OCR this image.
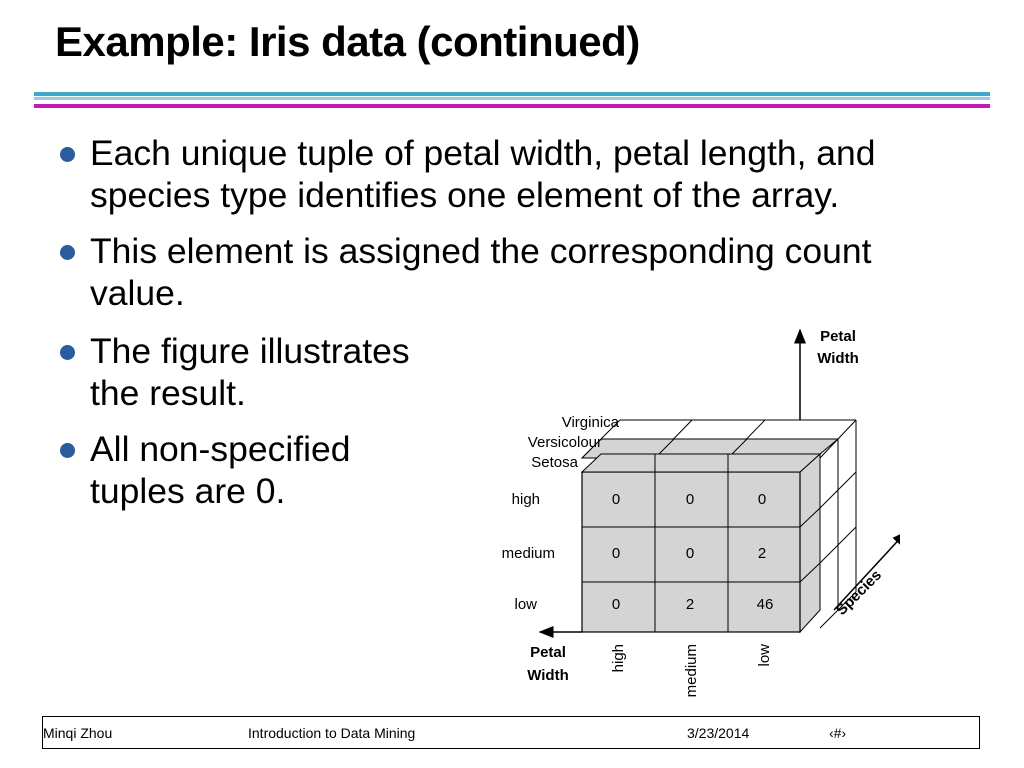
Example: Iris data (continued)
Each unique tuple of petal width, petal length, and
species type identifies one element of the array.
This element is assigned the corresponding count
value.
The figure illustrates
the result.
All non-specified
tuples are 0.	0	0	0
0	0	2
0	2	46
Virginica
Versicolour
Setosa
high
medium
low
Petal
Width
high	medium	low
Petal
Width
Species
Minqi Zhou	Introduction to Data Mining	3/23/2014	‹#›
